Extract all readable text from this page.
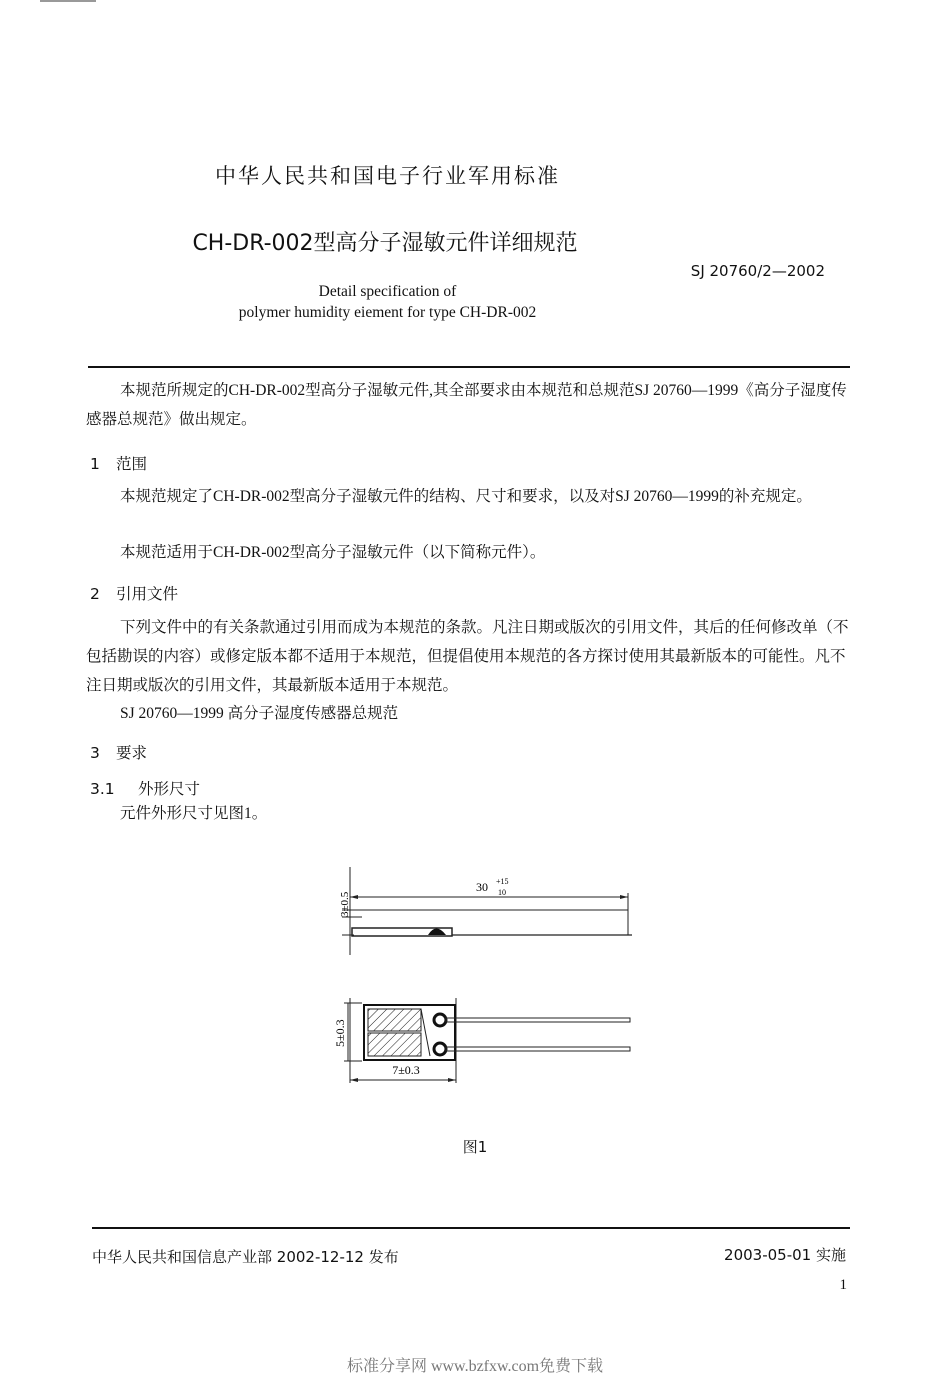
中华人民共和国电子行业军用标准
CH-DR-002型高分子湿敏元件详细规范
SJ 20760/2—2002
Detail specification of
polymer humidity eiement for type CH-DR-002
本规范所规定的CH-DR-002型高分子湿敏元件,其全部要求由本规范和总规范SJ 20760—1999《高分子湿度传感器总规范》做出规定。
1 范围
本规范规定了CH-DR-002型高分子湿敏元件的结构、尺寸和要求，以及对SJ 20760—1999的补充规定。
本规范适用于CH-DR-002型高分子湿敏元件（以下简称元件）。
2 引用文件
下列文件中的有关条款通过引用而成为本规范的条款。凡注日期或版次的引用文件，其后的任何修改单（不包括勘误的内容）或修定版本都不适用于本规范，但提倡使用本规范的各方探讨使用其最新版本的可能性。凡不注日期或版次的引用文件，其最新版本适用于本规范。
SJ 20760—1999 高分子湿度传感器总规范
3 要求
3.1 外形尺寸
元件外形尺寸见图1。
30 +15
10
3±0.5
5±0.3
7±0.3
图1
中华人民共和国信息产业部 2002-12-12 发布	2003-05-01 实施
1
标准分享网 www.bzfxw.com免费下载
